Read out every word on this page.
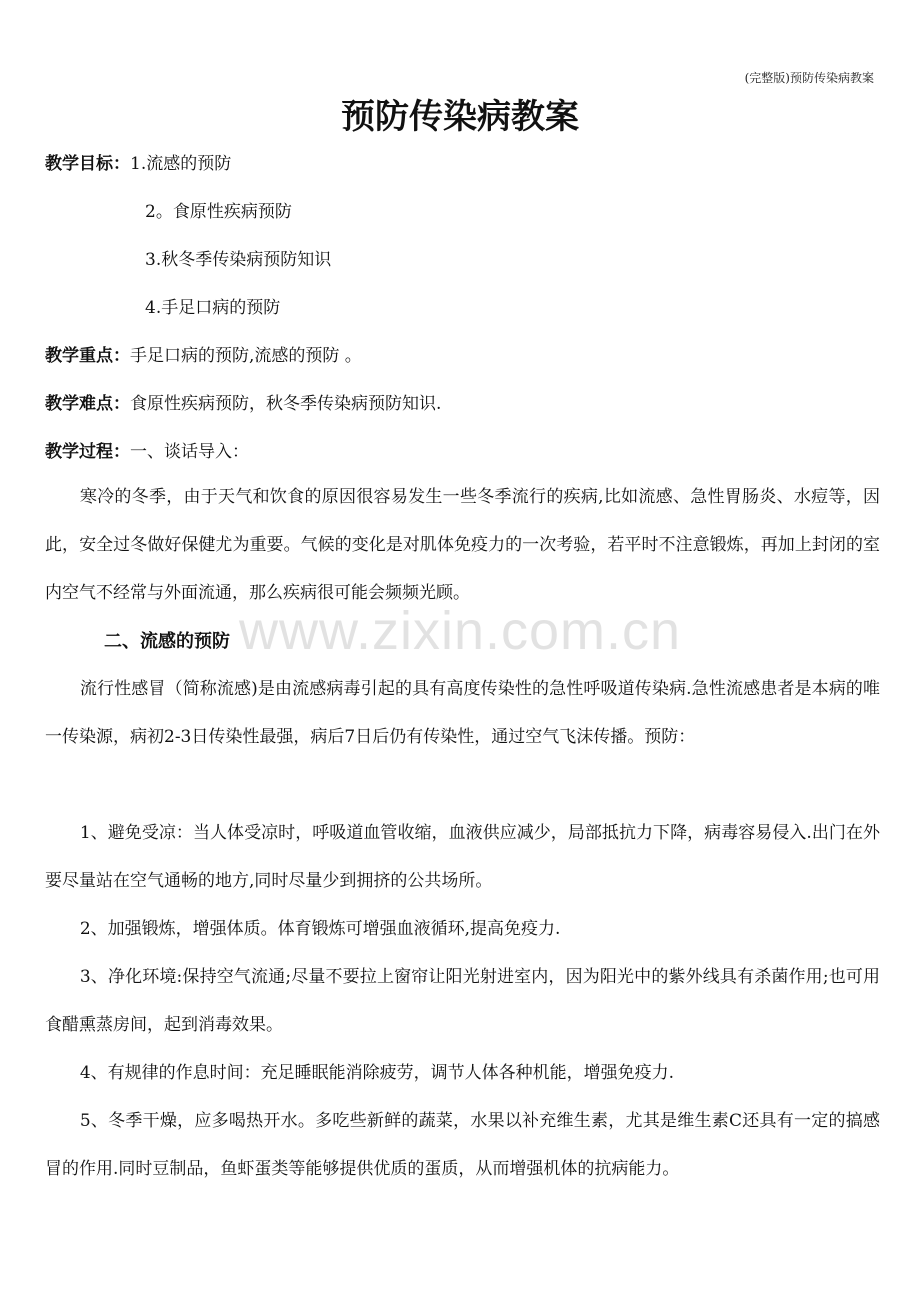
(完整版)预防传染病教案
预防传染病教案
教学目标：1.流感的预防
2。食原性疾病预防
3.秋冬季传染病预防知识
4.手足口病的预防
教学重点：手足口病的预防,流感的预防 。
教学难点：食原性疾病预防，秋冬季传染病预防知识.
教学过程：一、谈话导入：

寒冷的冬季，由于天气和饮食的原因很容易发生一些冬季流行的疾病,比如流感、急性胃肠炎、水痘等，因此，安全过冬做好保健尤为重要。气候的变化是对肌体免疫力的一次考验，若平时不注意锻炼，再加上封闭的室内空气不经常与外面流通，那么疾病很可能会频频光顾。

www.zixin.com.cn
二、流感的预防

流行性感冒（简称流感)是由流感病毒引起的具有高度传染性的急性呼吸道传染病.急性流感患者是本病的唯一传染源，病初2-3日传染性最强，病后7日后仍有传染性，通过空气飞沫传播。预防：

1、避免受凉：当人体受凉时，呼吸道血管收缩，血液供应减少，局部抵抗力下降，病毒容易侵入.出门在外要尽量站在空气通畅的地方,同时尽量少到拥挤的公共场所。

2、加强锻炼，增强体质。体育锻炼可增强血液循环,提高免疫力.

3、净化环境:保持空气流通;尽量不要拉上窗帘让阳光射进室内，因为阳光中的紫外线具有杀菌作用;也可用食醋熏蒸房间，起到消毒效果。

4、有规律的作息时间：充足睡眠能消除疲劳，调节人体各种机能，增强免疫力.

5、冬季干燥，应多喝热开水。多吃些新鲜的蔬菜，水果以补充维生素，尤其是维生素C还具有一定的搞感冒的作用.同时豆制品，鱼虾蛋类等能够提供优质的蛋质，从而增强机体的抗病能力。
